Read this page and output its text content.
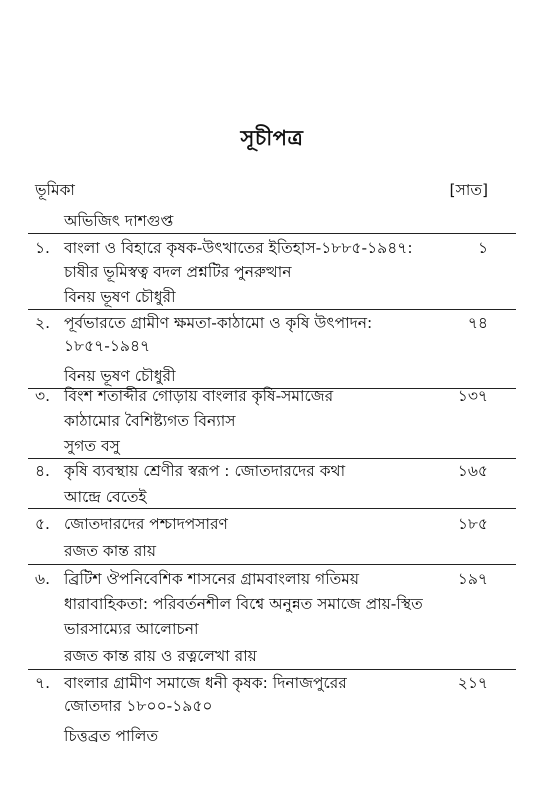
সূচীপত্র
ভূমিকা	[সাত]
অভিজিৎ দাশগুপ্ত
১. বাংলা ও বিহারে কৃষক-উৎখাতের ইতিহাস-১৮৮৫-১৯৪৭:	১
চাষীর ভূমিস্বত্ব বদল প্রশ্নটির পুনরুত্থান
বিনয় ভূষণ চৌধুরী
২. পূর্বভারতে গ্রামীণ ক্ষমতা-কাঠামো ও কৃষি উৎপাদন:	৭৪
১৮৫৭-১৯৪৭
বিনয় ভূষণ চৌধুরী
৩. বিংশ শতাব্দীর গোড়ায় বাংলার কৃষি-সমাজের	১৩৭
কাঠামোর বৈশিষ্ট্যগত বিন্যাস
সুগত বসু
৪. কৃষি ব্যবস্থায় শ্রেণীর স্বরূপ : জোতদারদের কথা	১৬৫
আন্দ্রে বেতেই
৫. জোতদারদের পশ্চাদপসারণ	১৮৫
রজত কান্ত রায়
৬. ব্রিটিশ ঔপনিবেশিক শাসনের গ্রামবাংলায় গতিময়	১৯৭
ধারাবাহিকতা: পরিবর্তনশীল বিশ্বে অনুন্নত সমাজে প্রায়-স্থিত
ভারসাম্যের আলোচনা
রজত কান্ত রায় ও রত্নলেখা রায়
৭. বাংলার গ্রামীণ সমাজে ধনী কৃষক: দিনাজপুরের	২১৭
জোতদার ১৮০০-১৯৫০
চিত্তব্রত পালিত
